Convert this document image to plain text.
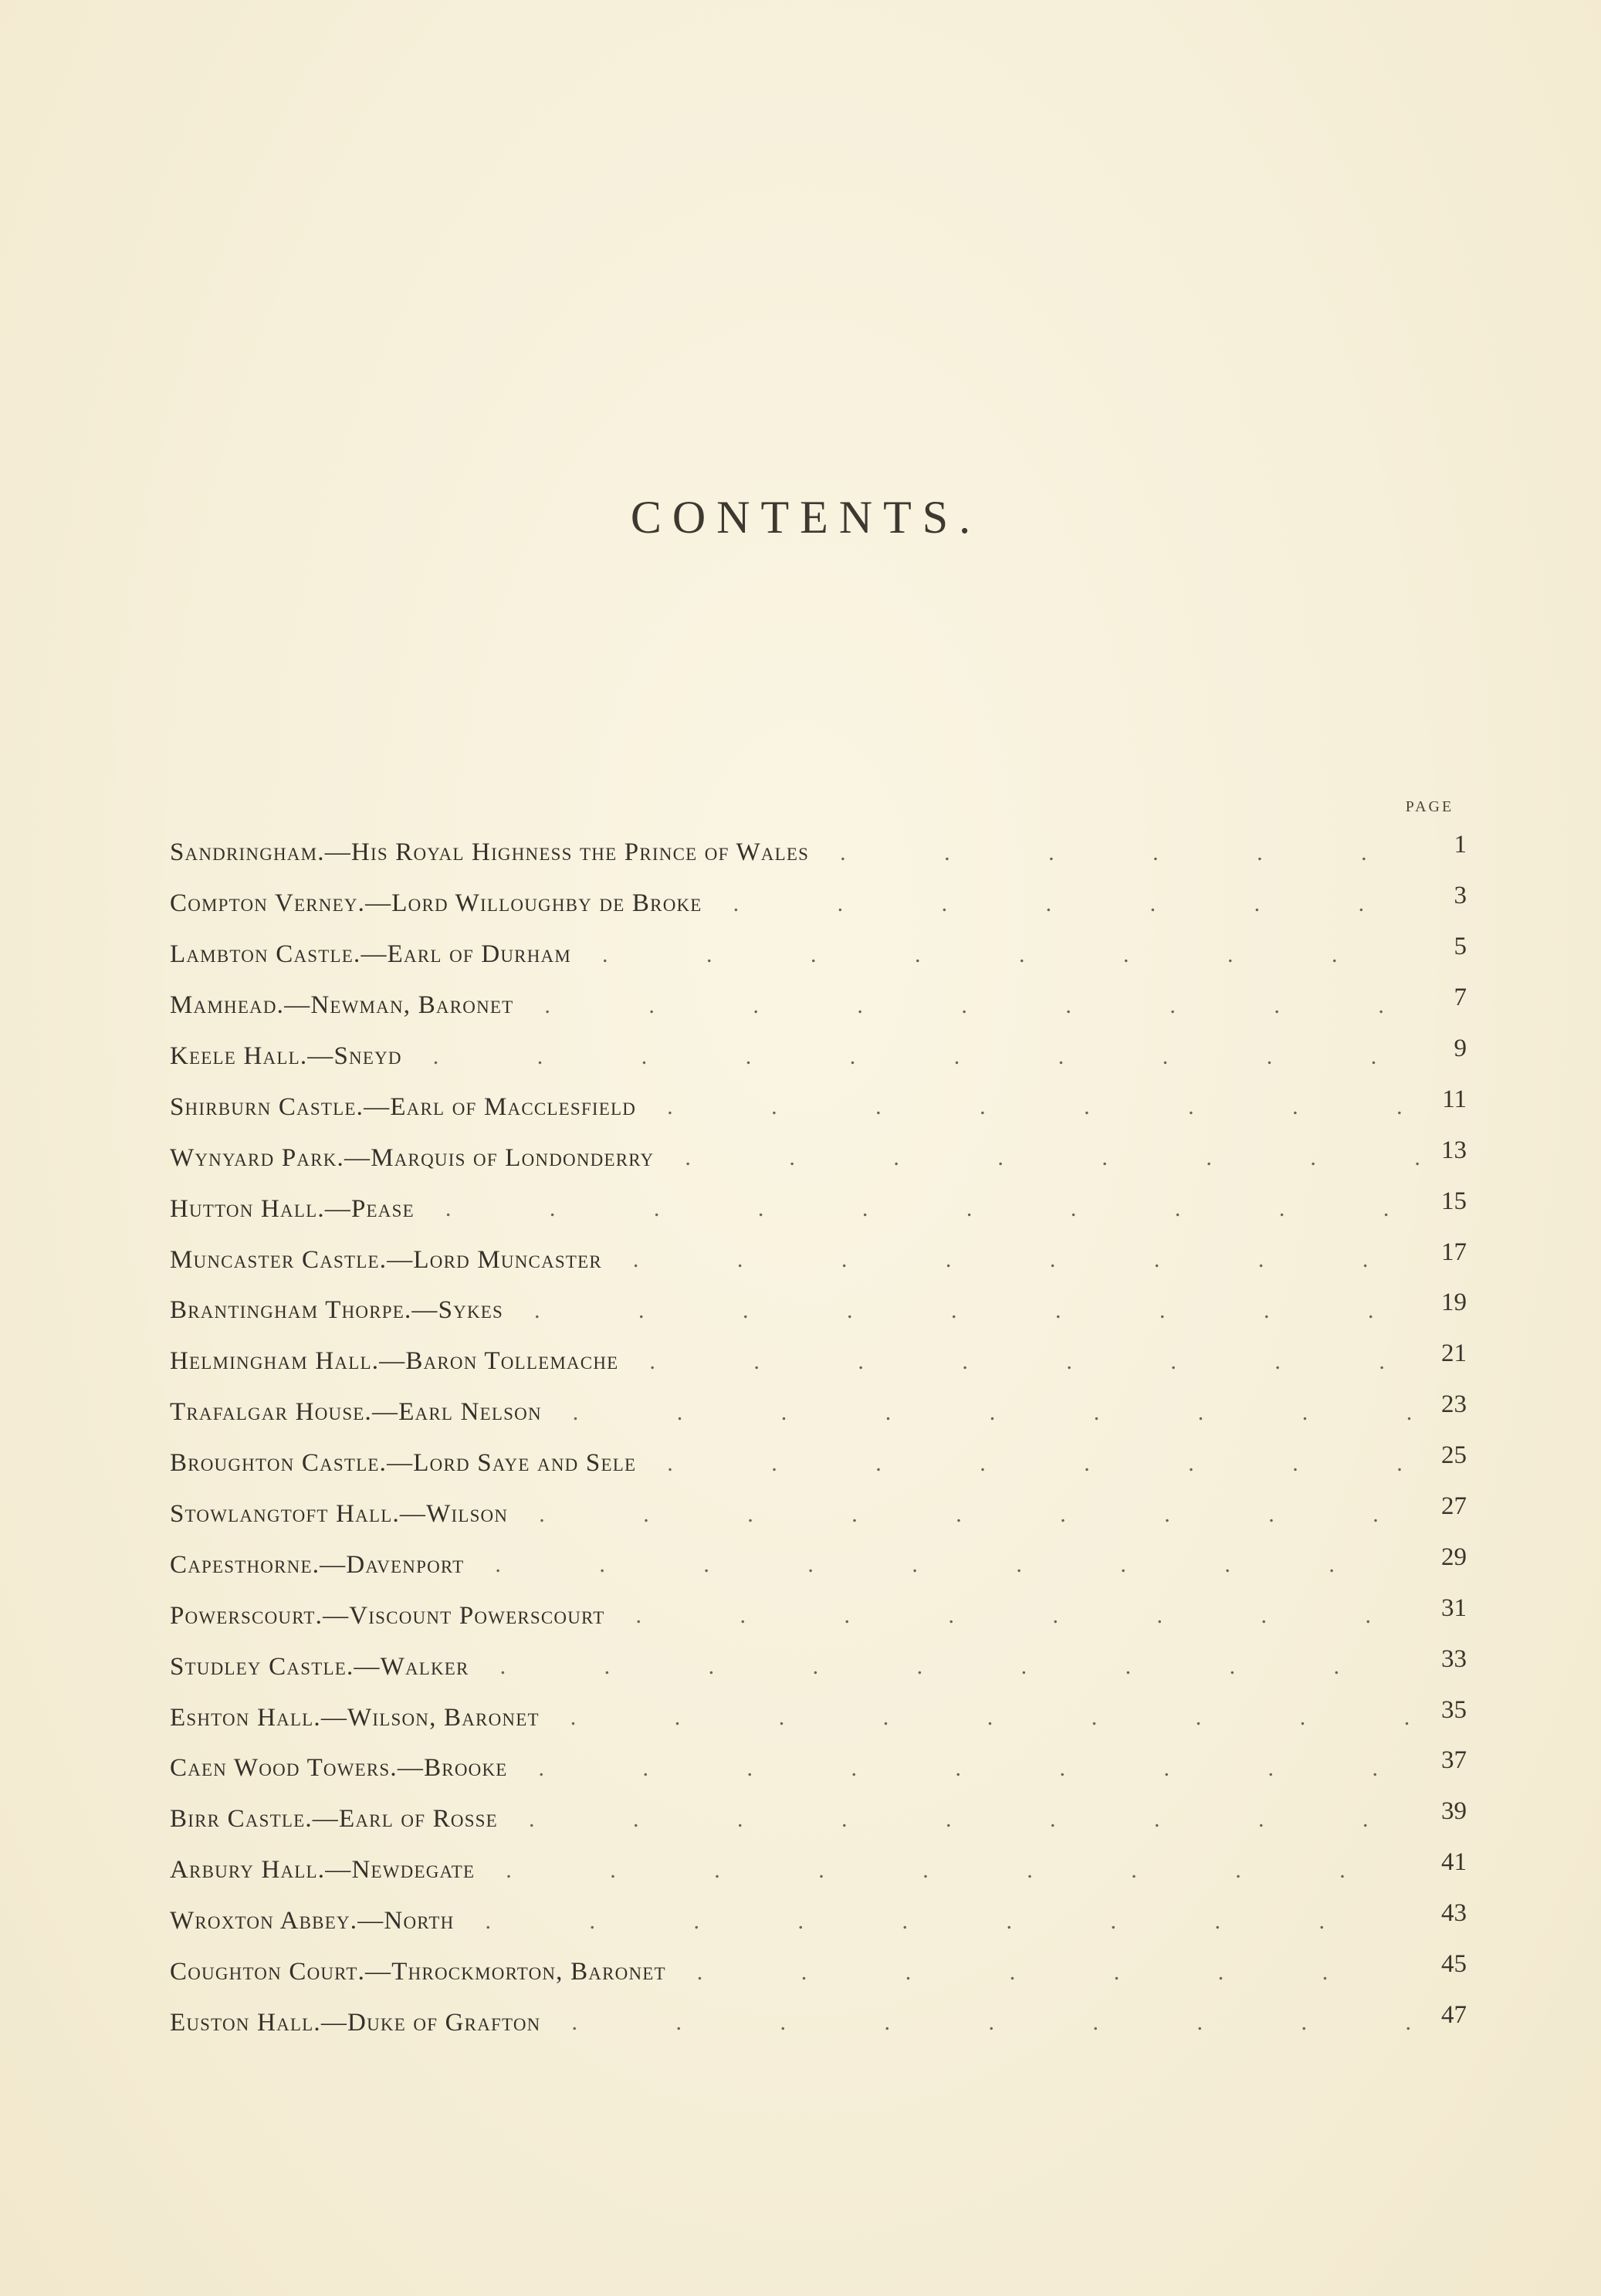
CONTENTS.
PAGE
Sandringham.—His Royal Highness the Prince of Wales .	1
Compton Verney.—Lord Willoughby de Broke .	3
Lambton Castle.—Earl of Durham .	5
Mamhead.—Newman, Baronet .	7
Keele Hall.—Sneyd .	9
Shirburn Castle.—Earl of Macclesfield .	11
Wynyard Park.—Marquis of Londonderry .	13
Hutton Hall.—Pease .	15
Muncaster Castle.—Lord Muncaster .	17
Brantingham Thorpe.—Sykes .	19
Helmingham Hall.—Baron Tollemache .	21
Trafalgar House.—Earl Nelson .	23
Broughton Castle.—Lord Saye and Sele .	25
Stowlangtoft Hall.—Wilson .	27
Capesthorne.—Davenport .	29
Powerscourt.—Viscount Powerscourt .	31
Studley Castle.—Walker .	33
Eshton Hall.—Wilson, Baronet .	35
Caen Wood Towers.—Brooke .	37
Birr Castle.—Earl of Rosse .	39
Arbury Hall.—Newdegate .	41
Wroxton Abbey.—North .	43
Coughton Court.—Throckmorton, Baronet .	45
Euston Hall.—Duke of Grafton .	47
